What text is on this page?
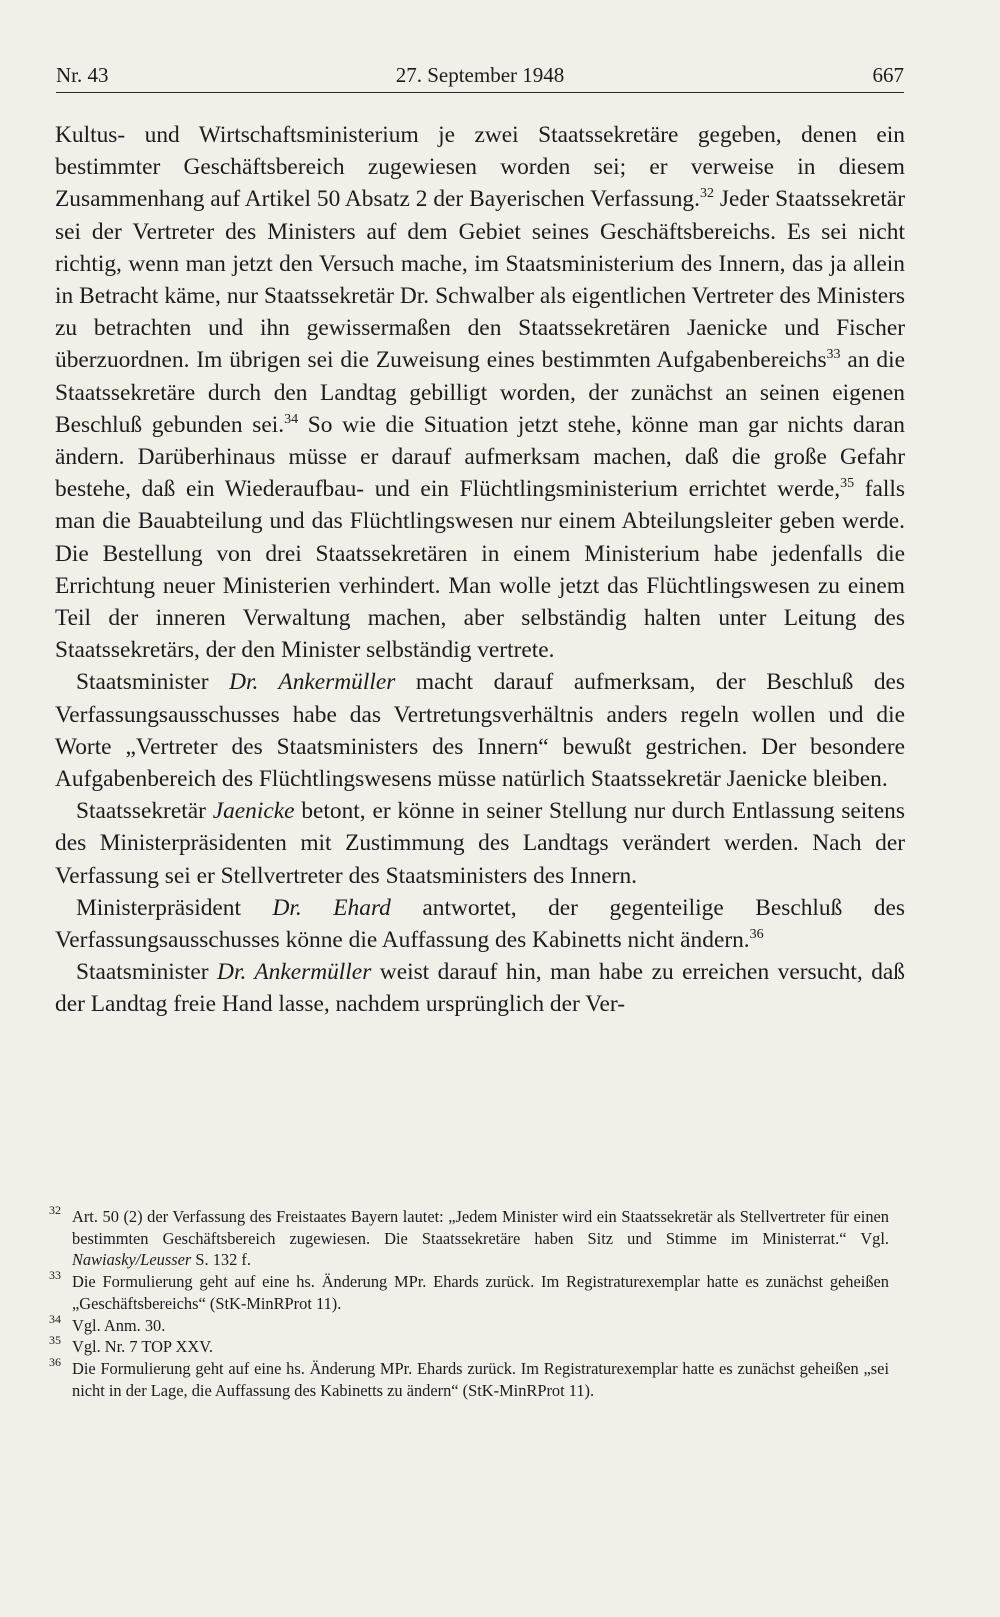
Nr. 43	27. September 1948	667

Kultus- und Wirtschaftsministerium je zwei Staatssekretäre gegeben, denen ein bestimmter Geschäftsbereich zugewiesen worden sei; er verweise in diesem Zusammenhang auf Artikel 50 Absatz 2 der Bayerischen Verfassung.$^{32}$ Jeder Staatssekretär sei der Vertreter des Ministers auf dem Gebiet seines Geschäftsbereichs. Es sei nicht richtig, wenn man jetzt den Versuch mache, im Staatsministerium des Innern, das ja allein in Betracht käme, nur Staatssekretär Dr. Schwalber als eigentlichen Vertreter des Ministers zu betrachten und ihn gewissermaßen den Staatssekretären Jaenicke und Fischer überzuordnen. Im übrigen sei die Zuweisung eines bestimmten Aufgabenbereichs$^{33}$ an die Staatssekretäre durch den Landtag gebilligt worden, der zunächst an seinen eigenen Beschluß gebunden sei.$^{34}$ So wie die Situation jetzt stehe, könne man gar nichts daran ändern. Darüberhinaus müsse er darauf aufmerksam machen, daß die große Gefahr bestehe, daß ein Wiederaufbau- und ein Flüchtlingsministerium errichtet werde,$^{35}$ falls man die Bauabteilung und das Flüchtlingswesen nur einem Abteilungsleiter geben werde. Die Bestellung von drei Staatssekretären in einem Ministerium habe jedenfalls die Errichtung neuer Ministerien verhindert. Man wolle jetzt das Flüchtlingswesen zu einem Teil der inneren Verwaltung machen, aber selbständig halten unter Leitung des Staatssekretärs, der den Minister selbständig vertrete.

Staatsminister Dr. Ankermüller macht darauf aufmerksam, der Beschluß des Verfassungsausschusses habe das Vertretungsverhältnis anders regeln wollen und die Worte „Vertreter des Staatsministers des Innern“ bewußt gestrichen. Der besondere Aufgabenbereich des Flüchtlingswesens müsse natürlich Staatssekretär Jaenicke bleiben.

Staatssekretär Jaenicke betont, er könne in seiner Stellung nur durch Entlassung seitens des Ministerpräsidenten mit Zustimmung des Landtags verändert werden. Nach der Verfassung sei er Stellvertreter des Staatsministers des Innern.

Ministerpräsident Dr. Ehard antwortet, der gegenteilige Beschluß des Verfassungsausschusses könne die Auffassung des Kabinetts nicht ändern.$^{36}$

Staatsminister Dr. Ankermüller weist darauf hin, man habe zu erreichen versucht, daß der Landtag freie Hand lasse, nachdem ursprünglich der Ver-

32 Art. 50 (2) der Verfassung des Freistaates Bayern lautet: „Jedem Minister wird ein Staatssekretär als Stellvertreter für einen bestimmten Geschäftsbereich zugewiesen. Die Staatssekretäre haben Sitz und Stimme im Ministerrat.“ Vgl. Nawiasky/Leusser S. 132 f.
33 Die Formulierung geht auf eine hs. Änderung MPr. Ehards zurück. Im Registraturexemplar hatte es zunächst geheißen „Geschäftsbereichs“ (StK-MinRProt 11).
34 Vgl. Anm. 30.
35 Vgl. Nr. 7 TOP XXV.
36 Die Formulierung geht auf eine hs. Änderung MPr. Ehards zurück. Im Registraturexemplar hatte es zunächst geheißen „sei nicht in der Lage, die Auffassung des Kabinetts zu ändern“ (StK-MinRProt 11).
